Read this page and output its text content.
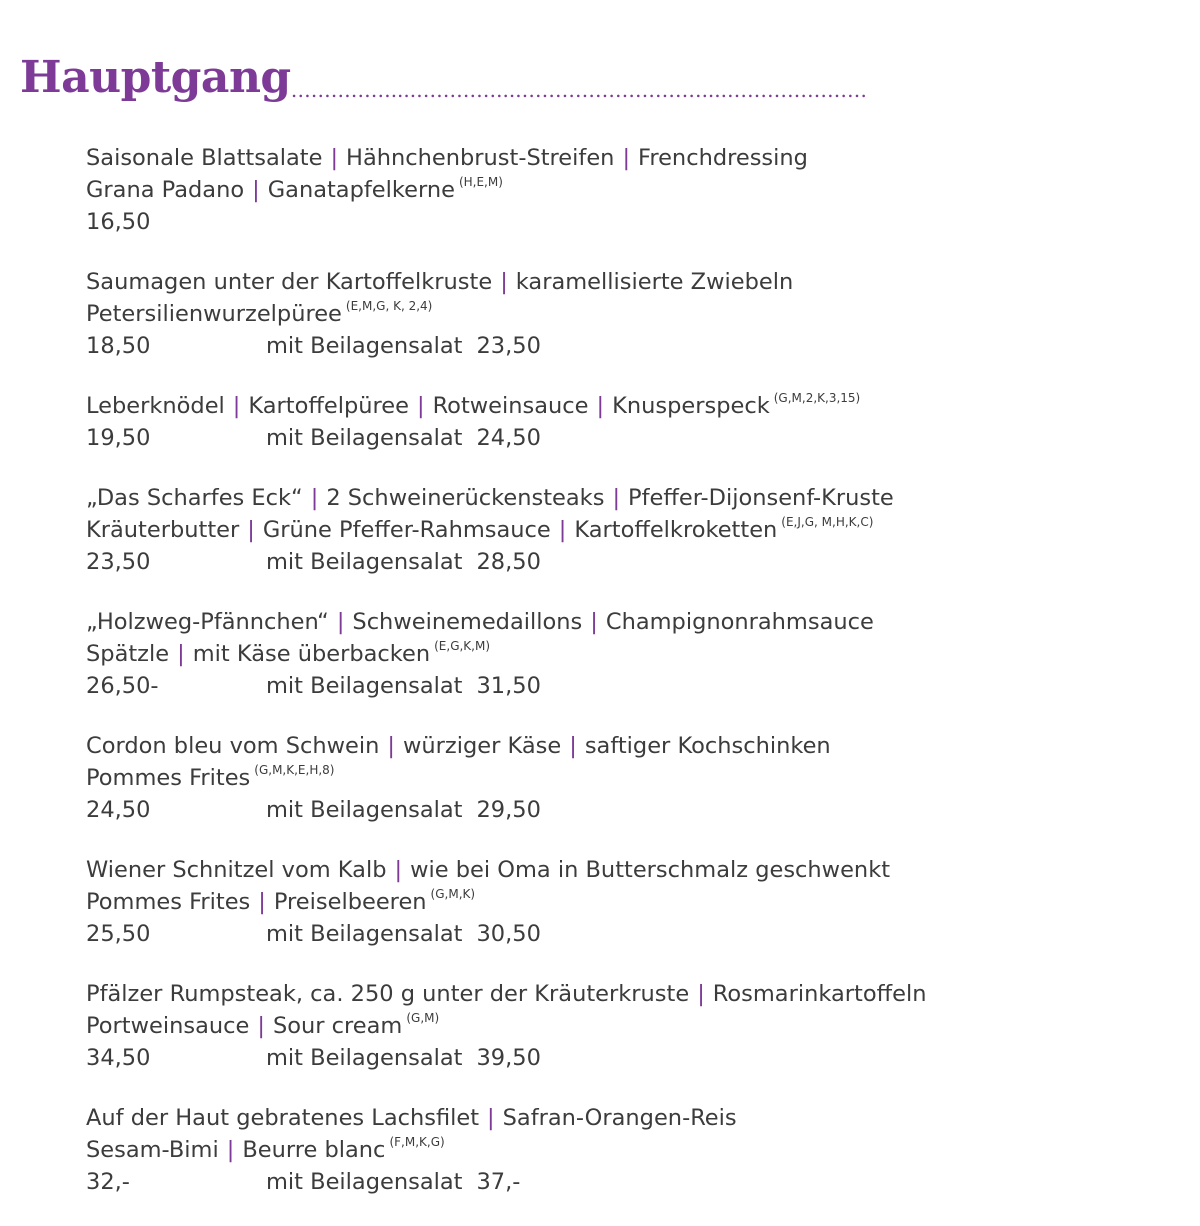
Hauptgang ……………....…………....………………………....…………………
Saisonale Blattsalate | Hähnchenbrust-Streifen | Frenchdressing
Grana Padano | Ganatapfelkerne $^{(H,E,M)}$
16,50
Saumagen unter der Kartoffelkruste | karamellisierte Zwiebeln
Petersilienwurzelpüree $^{(E,M,G, K, 2,4)}$
18,50	mit Beilagensalat 23,50
Leberknödel | Kartoffelpüree | Rotweinsauce | Knusperspeck $^{(G,M,2,K,3,15)}$
19,50	mit Beilagensalat 24,50
„Das Scharfes Eck“ | 2 Schweinerückensteaks | Pfeffer-Dijonsenf-Kruste
Kräuterbutter | Grüne Pfeffer-Rahmsauce | Kartoffelkroketten $^{(E,J,G, M,H,K,C)}$
23,50	mit Beilagensalat 28,50
„Holzweg-Pfännchen“ | Schweinemedaillons | Champignonrahmsauce
Spätzle | mit Käse überbacken $^{(E,G,K,M)}$
26,50-	mit Beilagensalat 31,50
Cordon bleu vom Schwein | würziger Käse | saftiger Kochschinken
Pommes Frites $^{(G,M,K,E,H,8)}$
24,50	mit Beilagensalat 29,50
Wiener Schnitzel vom Kalb | wie bei Oma in Butterschmalz geschwenkt
Pommes Frites | Preiselbeeren $^{(G,M,K)}$
25,50	mit Beilagensalat 30,50
Pfälzer Rumpsteak, ca. 250 g unter der Kräuterkruste | Rosmarinkartoffeln
Portweinsauce | Sour cream $^{(G,M)}$
34,50	mit Beilagensalat 39,50
Auf der Haut gebratenes Lachsfilet | Safran-Orangen-Reis
Sesam-Bimi | Beurre blanc $^{(F,M,K,G)}$
32,-	mit Beilagensalat 37,-
